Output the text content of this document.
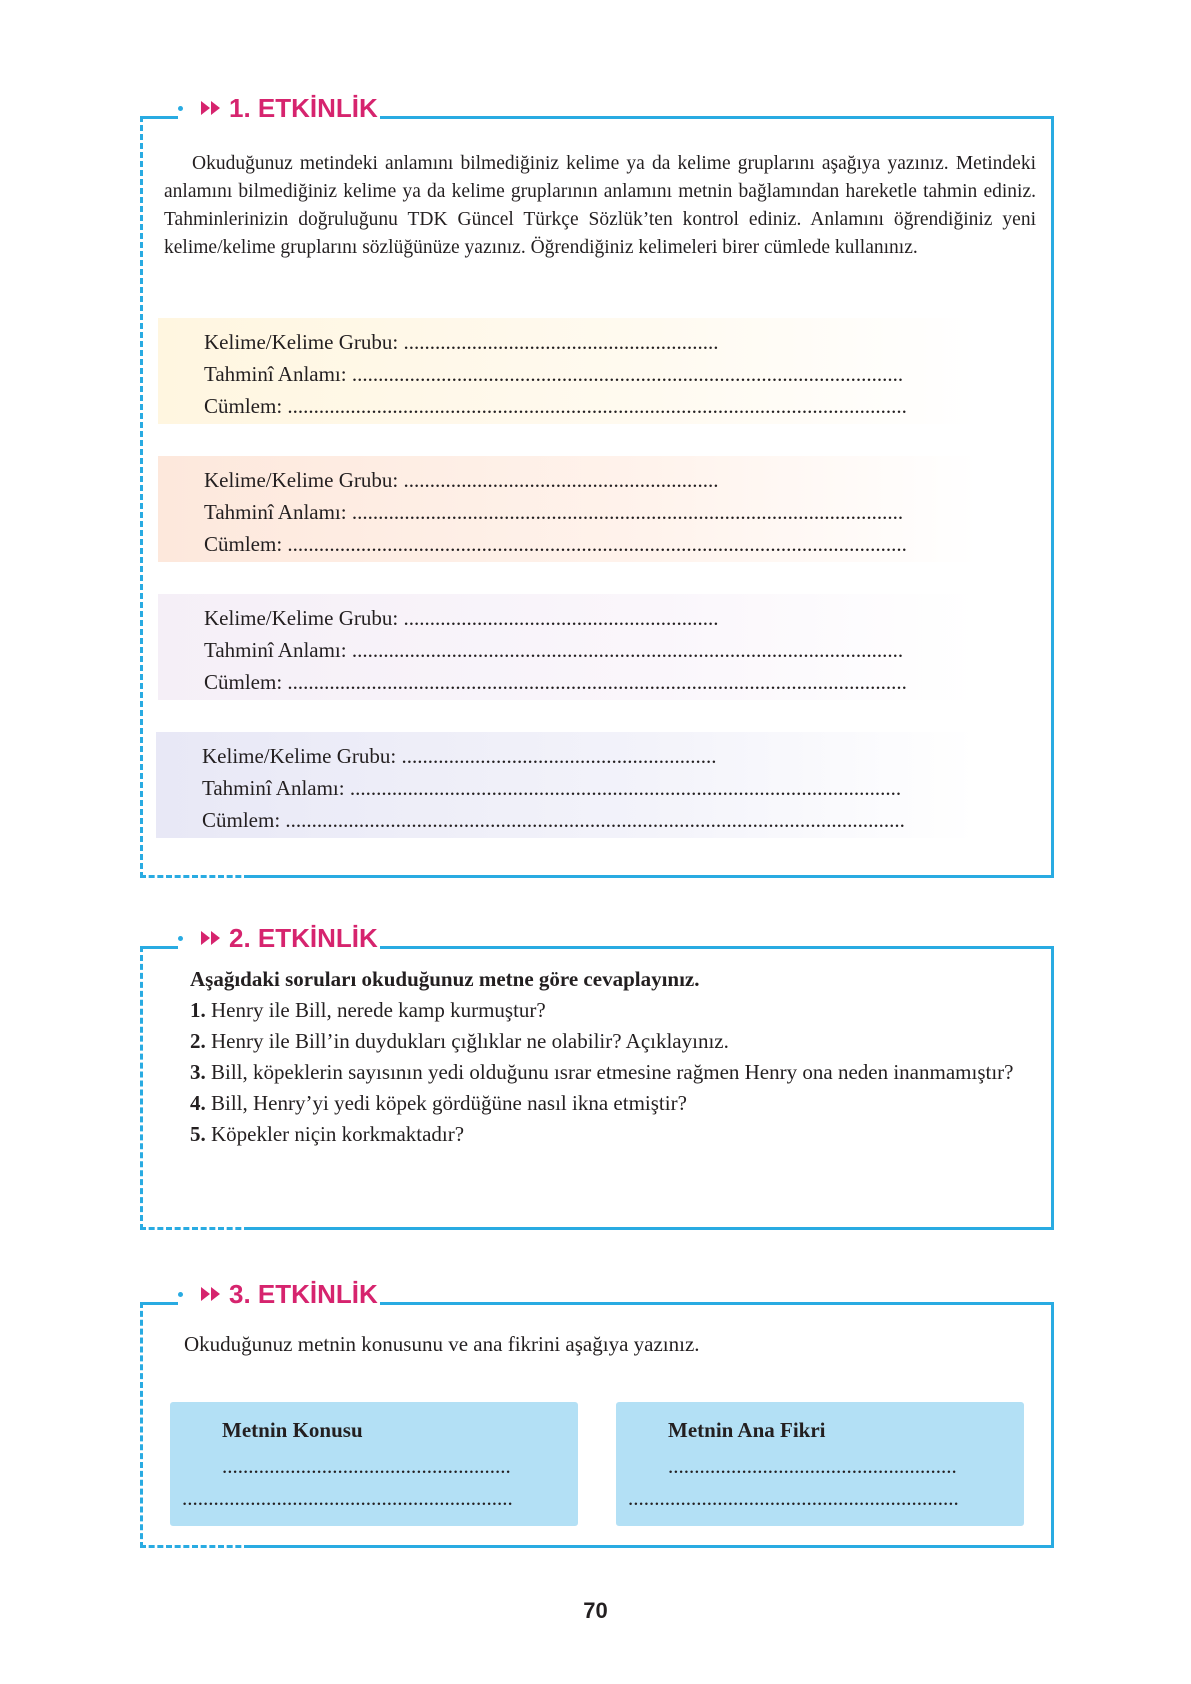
1. ETKİNLİK
Okuduğunuz metindeki anlamını bilmediğiniz kelime ya da kelime gruplarını aşağıya yazınız. Metindeki anlamını bilmediğiniz kelime ya da kelime gruplarının anlamını metnin bağlamından hareketle tahmin ediniz. Tahminlerinizin doğruluğunu TDK Güncel Türkçe Sözlük’ten kontrol ediniz. Anlamını öğrendiğiniz yeni kelime/kelime gruplarını sözlüğünüze yazınız. Öğrendiğiniz kelimeleri birer cümlede kullanınız.
Kelime/Kelime Grubu: ............................................................
Tahminî Anlamı: .........................................................................................................
Cümlem: ......................................................................................................................
Kelime/Kelime Grubu: ............................................................
Tahminî Anlamı: .........................................................................................................
Cümlem: ......................................................................................................................
Kelime/Kelime Grubu: ............................................................
Tahminî Anlamı: .........................................................................................................
Cümlem: ......................................................................................................................
Kelime/Kelime Grubu: ............................................................
Tahminî Anlamı: .........................................................................................................
Cümlem: ......................................................................................................................
2. ETKİNLİK
Aşağıdaki soruları okuduğunuz metne göre cevaplayınız.
1. Henry ile Bill, nerede kamp kurmuştur?
2. Henry ile Bill’in duydukları çığlıklar ne olabilir? Açıklayınız.
3. Bill, köpeklerin sayısının yedi olduğunu ısrar etmesine rağmen Henry ona neden inanmamıştır?
4. Bill, Henry’yi yedi köpek gördüğüne nasıl ikna etmiştir?
5. Köpekler niçin korkmaktadır?
3. ETKİNLİK
Okuduğunuz metnin konusunu ve ana fikrini aşağıya yazınız.
Metnin Konusu
.......................................................
...............................................................
Metnin Ana Fikri
.......................................................
...............................................................
70
